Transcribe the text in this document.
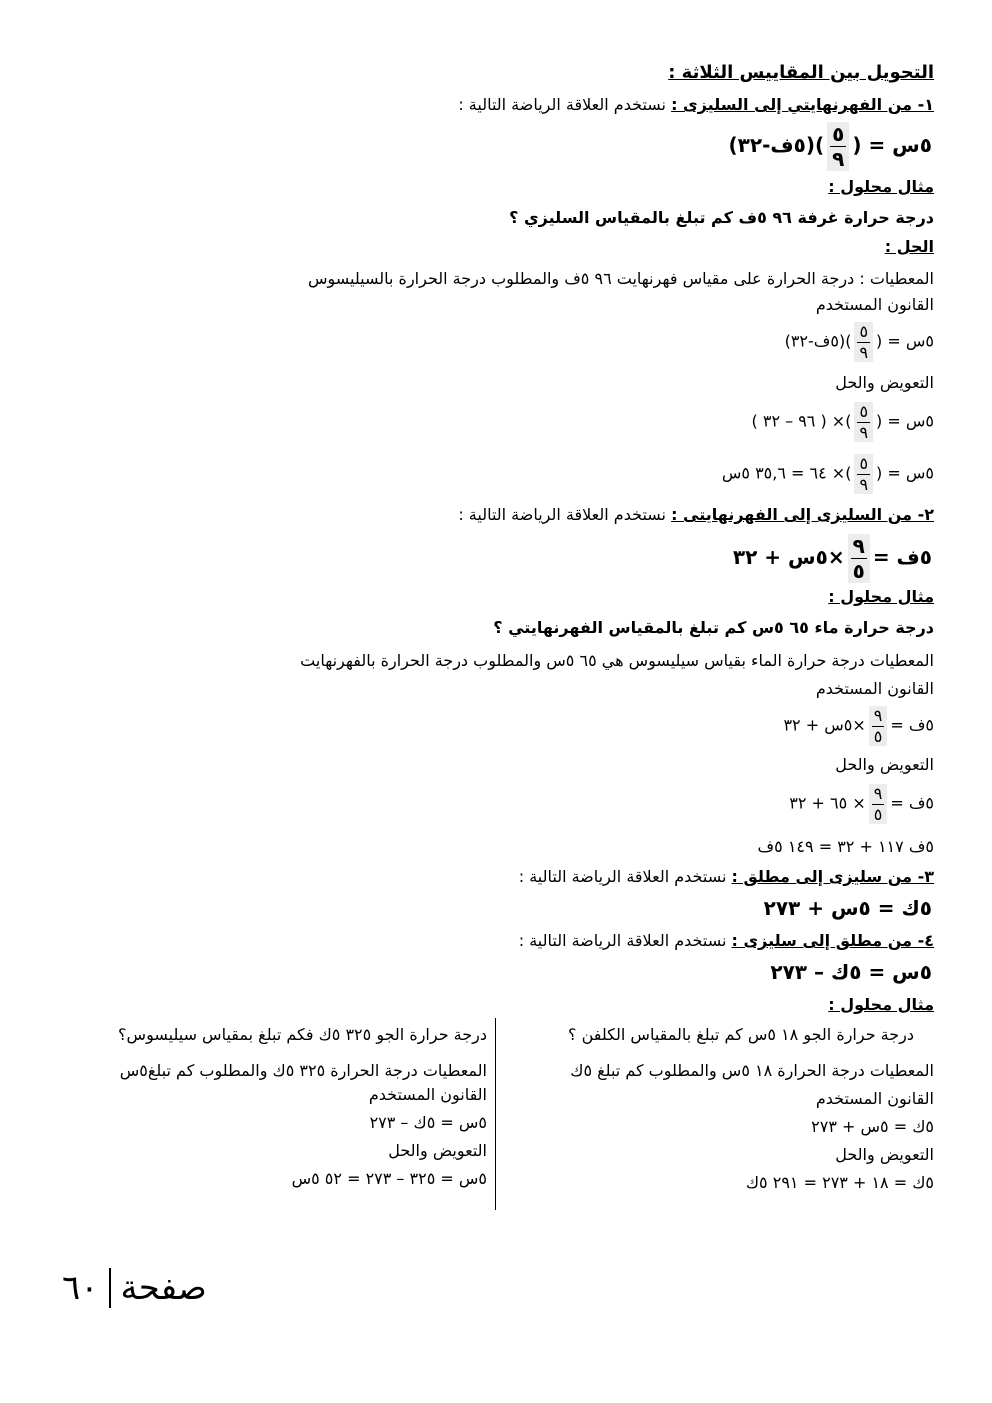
التحويل بين المقاييس الثلاثة :
١- من الفهرنهايتي إلى السليزى : نستخدم العلاقة الرياضة التالية :
٥س = (
$\frac{٥}{٩}$
)(٥ف-٣٢)
مثال محلول :
درجة حرارة غرفة ٩٦ ٥ف كم تبلغ بالمقياس السليزي ؟
الحل :
المعطيات : درجة الحرارة على مقياس فهرنهايت ٩٦ ٥ف والمطلوب درجة الحرارة بالسيليسوس
القانون المستخدم
٥س = (
$\frac{٥}{٩}$
)(٥ف-٣٢)
التعويض والحل
٥س = (
$\frac{٥}{٩}$
)× ( ٩٦ – ٣٢ )
٥س = (
$\frac{٥}{٩}$
)× ٦٤ = ٣٥,٦ ٥س
٢- من السليزى إلى الفهرنهايتى : نستخدم العلاقة الرياضة التالية :
٥ف =
$\frac{٩}{٥}$
×٥س + ٣٢
مثال محلول :
درجة حرارة ماء ٦٥ ٥س كم تبلغ بالمقياس الفهرنهايتي ؟
المعطيات درجة حرارة الماء بقياس سيليسوس هي ٦٥ ٥س والمطلوب درجة الحرارة بالفهرنهايت
القانون المستخدم
٥ف =
$\frac{٩}{٥}$
×٥س + ٣٢
التعويض والحل
٥ف =
$\frac{٩}{٥}$
× ٦٥ + ٣٢
٥ف ١١٧ + ٣٢ = ١٤٩ ٥ف
٣- من سليزى إلى مطلق : نستخدم العلاقة الرياضة التالية :
٥ك = ٥س + ٢٧٣
٤- من مطلق إلى سليزى : نستخدم العلاقة الرياضة التالية :
٥س = ٥ك – ٢٧٣
مثال محلول :
درجة حرارة الجو ١٨ ٥س كم تبلغ بالمقياس الكلفن ؟
المعطيات درجة الحرارة ١٨ ٥س والمطلوب كم تبلغ ٥ك
القانون المستخدم
٥ك = ٥س + ٢٧٣
التعويض والحل
٥ك = ١٨ + ٢٧٣ = ٢٩١ ٥ك
درجة حرارة الجو ٣٢٥ ٥ك فكم تبلغ بمقياس سيليسوس؟
المعطيات درجة الحرارة ٣٢٥ ٥ك والمطلوب كم تبلغ٥س
القانون المستخدم
٥س = ٥ك – ٢٧٣
التعويض والحل
٥س = ٣٢٥ – ٢٧٣ = ٥٢ ٥س
صفحة
٦٠
